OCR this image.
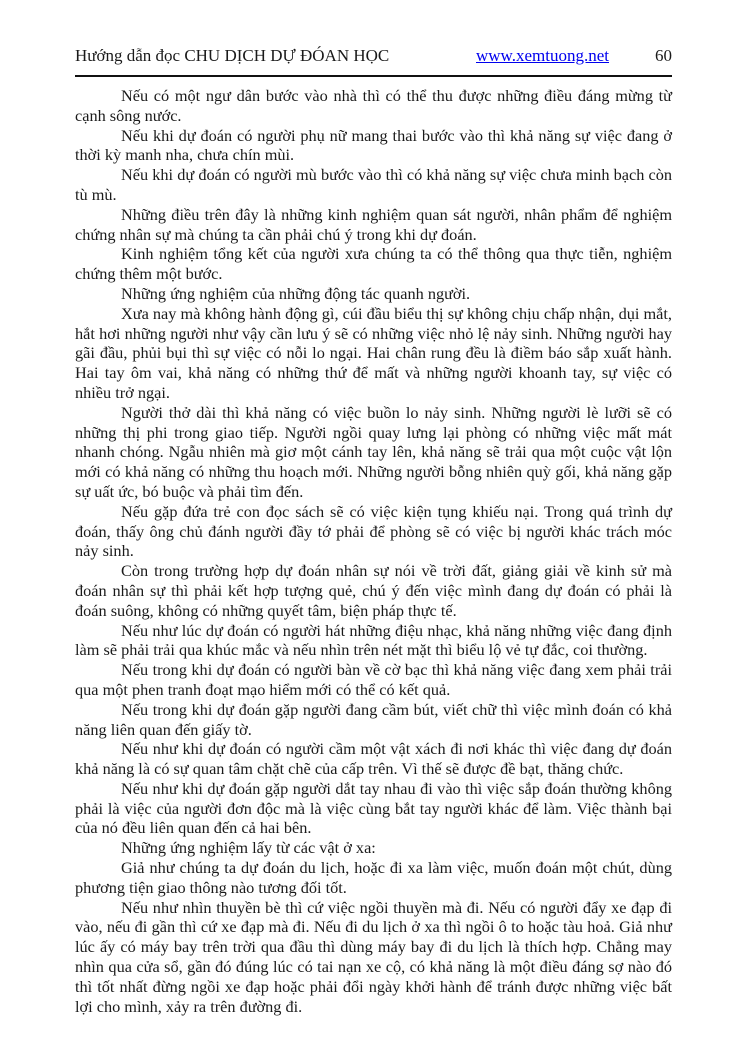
Hướng dẫn đọc CHU DỊCH DỰ ĐÓAN HỌC	www.xemtuong.net	60

Nếu có một ngư dân bước vào nhà thì có thể thu được những điều đáng mừng từ cạnh sông nước.

Nếu khi dự đoán có người phụ nữ mang thai bước vào thì khả năng sự việc đang ở thời kỳ manh nha, chưa chín mùi.

Nếu khi dự đoán có người mù bước vào thì có khả năng sự việc chưa minh bạch còn tù mù.

Những điều trên đây là những kinh nghiệm quan sát người, nhân phẩm để nghiệm chứng nhân sự mà chúng ta cần phải chú ý trong khi dự đoán.

Kinh nghiệm tổng kết của người xưa chúng ta có thể thông qua thực tiễn, nghiệm chứng thêm một bước.

Những ứng nghiệm của những động tác quanh người.

Xưa nay mà không hành động gì, cúi đầu biểu thị sự không chịu chấp nhận, dụi mắt, hắt hơi những người như vậy cần lưu ý sẽ có những việc nhỏ lệ nảy sinh. Những người hay gãi đầu, phủi bụi thì sự việc có nỗi lo ngại. Hai chân rung đều là điềm báo sắp xuất hành. Hai tay ôm vai, khả năng có những thứ để mất và những người khoanh tay, sự việc có nhiều trở ngại.

Người thở dài thì khả năng có việc buồn lo nảy sinh. Những người lè lưỡi sẽ có những thị phi trong giao tiếp. Người ngồi quay lưng lại phòng có những việc mất mát nhanh chóng. Ngẫu nhiên mà giơ một cánh tay lên, khả năng sẽ trải qua một cuộc vật lộn mới có khả năng có những thu hoạch mới. Những người bỗng nhiên quỳ gối, khả năng gặp sự uất ức, bó buộc và phải tìm đến.

Nếu gặp đứa trẻ con đọc sách sẽ có việc kiện tụng khiếu nại. Trong quá trình dự đoán, thấy ông chủ đánh người đầy tớ phải để phòng sẽ có việc bị người khác trách móc nảy sinh.

Còn trong trường hợp dự đoán nhân sự nói về trời đất, giảng giải về kinh sử mà đoán nhân sự thì phải kết hợp tượng quẻ, chú ý đến việc mình đang dự đoán có phải là đoán suông, không có những quyết tâm, biện pháp thực tế.

Nếu như lúc dự đoán có người hát những điệu nhạc, khả năng những việc đang định làm sẽ phải trải qua khúc mắc và nếu nhìn trên nét mặt thì biểu lộ vẻ tự đắc, coi thường.

Nếu trong khi dự đoán có người bàn về cờ bạc thì khả năng việc đang xem phải trải qua một phen tranh đoạt mạo hiểm mới có thể có kết quả.

Nếu trong khi dự đoán gặp người đang cầm bút, viết chữ thì việc mình đoán có khả năng liên quan đến giấy tờ.

Nếu như khi dự đoán có người cầm một vật xách đi nơi khác thì việc đang dự đoán khả năng là có sự quan tâm chặt chẽ của cấp trên. Vì thế sẽ được đề bạt, thăng chức.

Nếu như khi dự đoán gặp người dắt tay nhau đi vào thì việc sắp đoán thường không phải là việc của người đơn độc mà là việc cùng bắt tay người khác để làm. Việc thành bại của nó đều liên quan đến cả hai bên.

Những ứng nghiệm lấy từ các vật ở xa:

Giả như chúng ta dự đoán du lịch, hoặc đi xa làm việc, muốn đoán một chút, dùng phương tiện giao thông nào tương đối tốt.

Nếu như nhìn thuyền bè thì cứ việc ngồi thuyền mà đi. Nếu có người đẩy xe đạp đi vào, nếu đi gần thì cứ xe đạp mà đi. Nếu đi du lịch ở xa thì ngồi ô to hoặc tàu hoả. Giả như lúc ấy có máy bay trên trời qua đầu thì dùng máy bay đi du lịch là thích hợp. Chẳng may nhìn qua cửa sổ, gần đó đúng lúc có tai nạn xe cộ, có khả năng là một điều đáng sợ nào đó thì tốt nhất đừng ngồi xe đạp hoặc phải đổi ngày khởi hành để tránh được những việc bất lợi cho mình, xảy ra trên đường đi.
